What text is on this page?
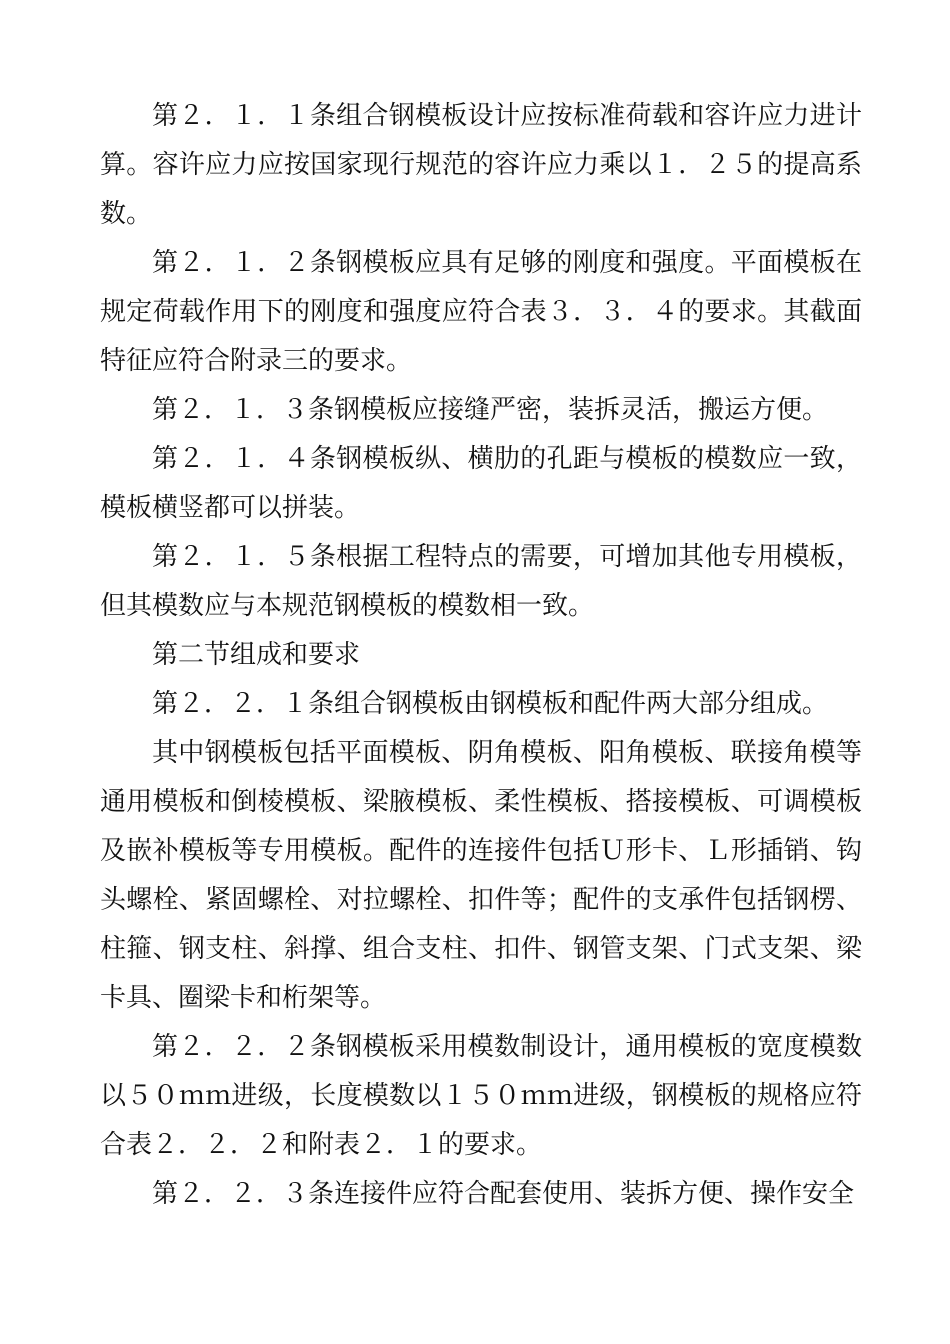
第２．１．１条组合钢模板设计应按标准荷载和容许应力进计算。容许应力应按国家现行规范的容许应力乘以１．２５的提高系数。

第２．１．２条钢模板应具有足够的刚度和强度。平面模板在规定荷载作用下的刚度和强度应符合表３．３．４的要求。其截面特征应符合附录三的要求。

第２．１．３条钢模板应接缝严密，装拆灵活，搬运方便。

第２．１．４条钢模板纵、横肋的孔距与模板的模数应一致，模板横竖都可以拼装。

第２．１．５条根据工程特点的需要，可增加其他专用模板，但其模数应与本规范钢模板的模数相一致。

第二节组成和要求

第２．２．１条组合钢模板由钢模板和配件两大部分组成。

其中钢模板包括平面模板、阴角模板、阳角模板、联接角模等通用模板和倒棱模板、梁腋模板、柔性模板、搭接模板、可调模板及嵌补模板等专用模板。配件的连接件包括Ｕ形卡、Ｌ形插销、钩头螺栓、紧固螺栓、对拉螺栓、扣件等；配件的支承件包括钢楞、柱箍、钢支柱、斜撑、组合支柱、扣件、钢管支架、门式支架、梁卡具、圈梁卡和桁架等。

第２．２．２条钢模板采用模数制设计，通用模板的宽度模数以５０ｍｍ进级，长度模数以１５０ｍｍ进级，钢模板的规格应符合表２．２．２和附表２．１的要求。

第２．２．３条连接件应符合配套使用、装拆方便、操作安全
